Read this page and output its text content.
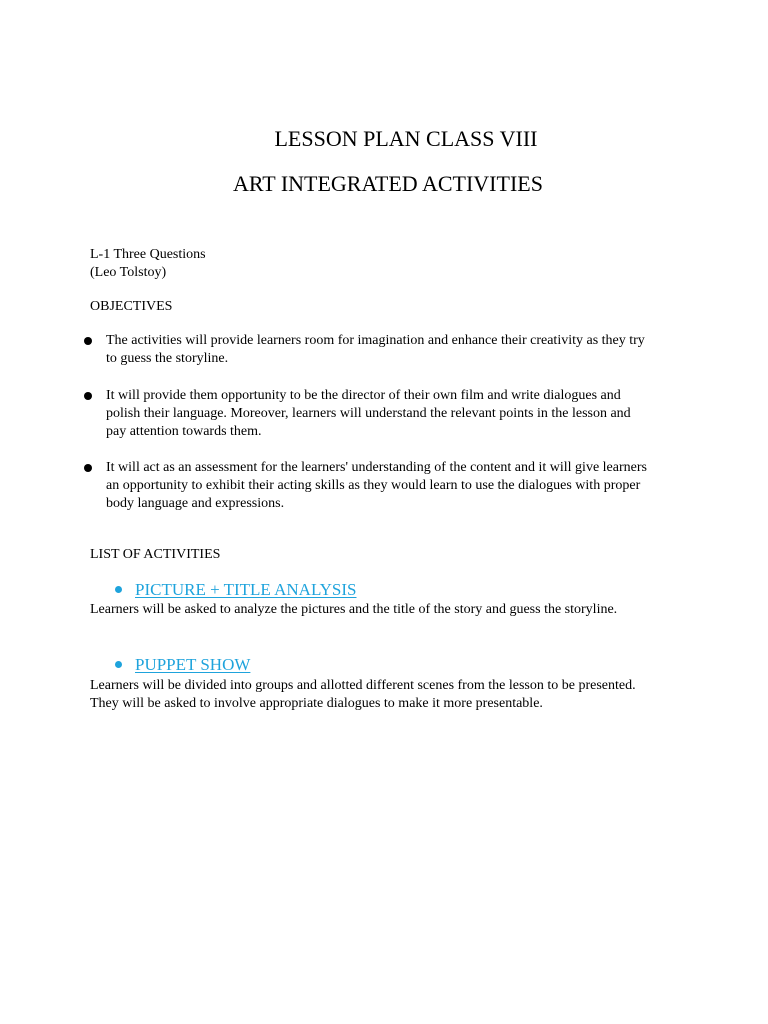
LESSON PLAN CLASS VIII
ART INTEGRATED ACTIVITIES
L-1 Three Questions
(Leo Tolstoy)
OBJECTIVES
The activities will provide learners room for imagination and enhance their creativity as they try
to guess the storyline.
It will provide them opportunity to be the director of their own film and write dialogues and
polish their language. Moreover, learners will understand the relevant points in the lesson and
pay attention towards them.
It will act as an assessment for the learners' understanding of the content and it will give learners
an opportunity to exhibit their acting skills as they would learn to use the dialogues with proper
body language and expressions.
LIST OF ACTIVITIES
PICTURE + TITLE ANALYSIS
Learners will be asked to analyze the pictures and the title of the story and guess the storyline.
PUPPET SHOW
Learners will be divided into groups and allotted different scenes from the lesson to be presented.
They will be asked to involve appropriate dialogues to make it more presentable.
